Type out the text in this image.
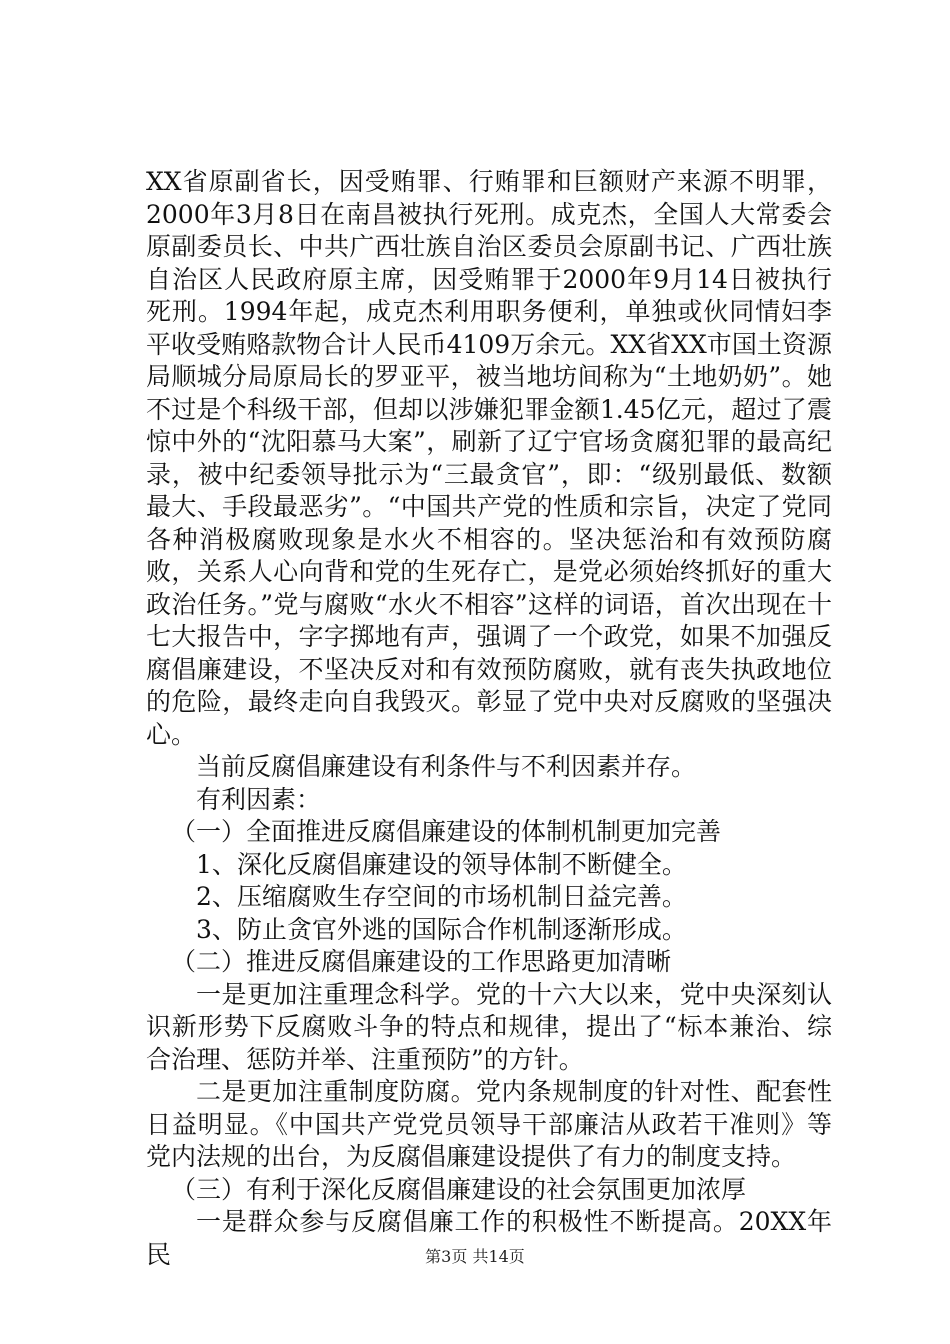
XX省原副省长，因受贿罪、行贿罪和巨额财产来源不明罪，2000年3月8日在南昌被执行死刑。成克杰，全国人大常委会原副委员长、中共广西壮族自治区委员会原副书记、广西壮族自治区人民政府原主席，因受贿罪于2000年9月14日被执行死刑。1994年起，成克杰利用职务便利，单独或伙同情妇李平收受贿赂款物合计人民币4109万余元。XX省XX市国土资源局顺城分局原局长的罗亚平，被当地坊间称为“土地奶奶”。她不过是个科级干部，但却以涉嫌犯罪金额1.45亿元，超过了震惊中外的“沈阳慕马大案”，刷新了辽宁官场贪腐犯罪的最高纪录，被中纪委领导批示为“三最贪官”，即：“级别最低、数额最大、手段最恶劣”。“中国共产党的性质和宗旨，决定了党同各种消极腐败现象是水火不相容的。坚决惩治和有效预防腐败，关系人心向背和党的生死存亡，是党必须始终抓好的重大政治任务。”党与腐败“水火不相容”这样的词语，首次出现在十七大报告中，字字掷地有声，强调了一个政党，如果不加强反腐倡廉建设，不坚决反对和有效预防腐败，就有丧失执政地位的危险，最终走向自我毁灭。彰显了党中央对反腐败的坚强决心。

当前反腐倡廉建设有利条件与不利因素并存。

有利因素：

（一）全面推进反腐倡廉建设的体制机制更加完善

1、深化反腐倡廉建设的领导体制不断健全。

2、压缩腐败生存空间的市场机制日益完善。

3、防止贪官外逃的国际合作机制逐渐形成。

（二）推进反腐倡廉建设的工作思路更加清晰

一是更加注重理念科学。党的十六大以来，党中央深刻认识新形势下反腐败斗争的特点和规律，提出了“标本兼治、综合治理、惩防并举、注重预防”的方针。

二是更加注重制度防腐。党内条规制度的针对性、配套性日益明显。《中国共产党党员领导干部廉洁从政若干准则》等党内法规的出台，为反腐倡廉建设提供了有力的制度支持。

（三）有利于深化反腐倡廉建设的社会氛围更加浓厚

一是群众参与反腐倡廉工作的积极性不断提高。20XX年民	第3页 共14页
